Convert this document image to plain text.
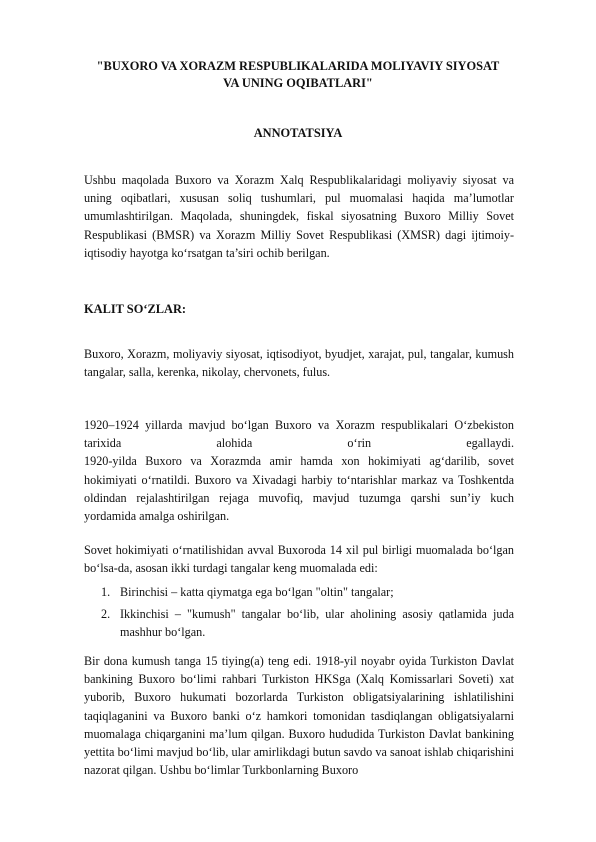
"BUXORO VA XORAZM RESPUBLIKALARIDA MOLIYAVIY SIYOSAT
VA UNING OQIBATLARI"
ANNOTATSIYA
Ushbu maqolada Buxoro va Xorazm Xalq Respublikalaridagi moliyaviy siyosat va uning oqibatlari, xususan soliq tushumlari, pul muomalasi haqida ma’lumotlar umumlashtirilgan. Maqolada, shuningdek, fiskal siyosatning Buxoro Milliy Sovet Respublikasi (BMSR) va Xorazm Milliy Sovet Respublikasi (XMSR) dagi ijtimoiy-iqtisodiy hayotga ko‘rsatgan ta’siri ochib berilgan.
KALIT SO‘ZLAR:
Buxoro, Xorazm, moliyaviy siyosat, iqtisodiyot, byudjet, xarajat, pul, tangalar, kumush tangalar, salla, kerenka, nikolay, chervonets, fulus.
1920–1924 yillarda mavjud bo‘lgan Buxoro va Xorazm respublikalari O‘zbekiston
tarixida alohida o‘rin egallaydi.
1920-yilda Buxoro va Xorazmda amir hamda xon hokimiyati ag‘darilib, sovet hokimiyati o‘rnatildi. Buxoro va Xivadagi harbiy to‘ntarishlar markaz va Toshkentda oldindan rejalashtirilgan rejaga muvofiq, mavjud tuzumga qarshi sun’iy kuch yordamida amalga oshirilgan.
Sovet hokimiyati o‘rnatilishidan avval Buxoroda 14 xil pul birligi muomalada bo‘lgan bo‘lsa-da, asosan ikki turdagi tangalar keng muomalada edi:
1. Birinchisi – katta qiymatga ega bo‘lgan "oltin" tangalar;
2. Ikkinchisi – "kumush" tangalar bo‘lib, ular aholining asosiy qatlamida juda mashhur bo‘lgan.
Bir dona kumush tanga 15 tiying(a) teng edi. 1918-yil noyabr oyida Turkiston Davlat bankining Buxoro bo‘limi rahbari Turkiston HKSga (Xalq Komissarlari Soveti) xat yuborib, Buxoro hukumati bozorlarda Turkiston obligatsiyalarining ishlatilishini taqiqlaganini va Buxoro banki o‘z hamkori tomonidan tasdiqlangan obligatsiyalarni muomalaga chiqarganini ma’lum qilgan. Buxoro hududida Turkiston Davlat bankining yettita bo‘limi mavjud bo‘lib, ular amirlikdagi butun savdo va sanoat ishlab chiqarishini nazorat qilgan. Ushbu bo‘limlar Turkbonlarning Buxoro
